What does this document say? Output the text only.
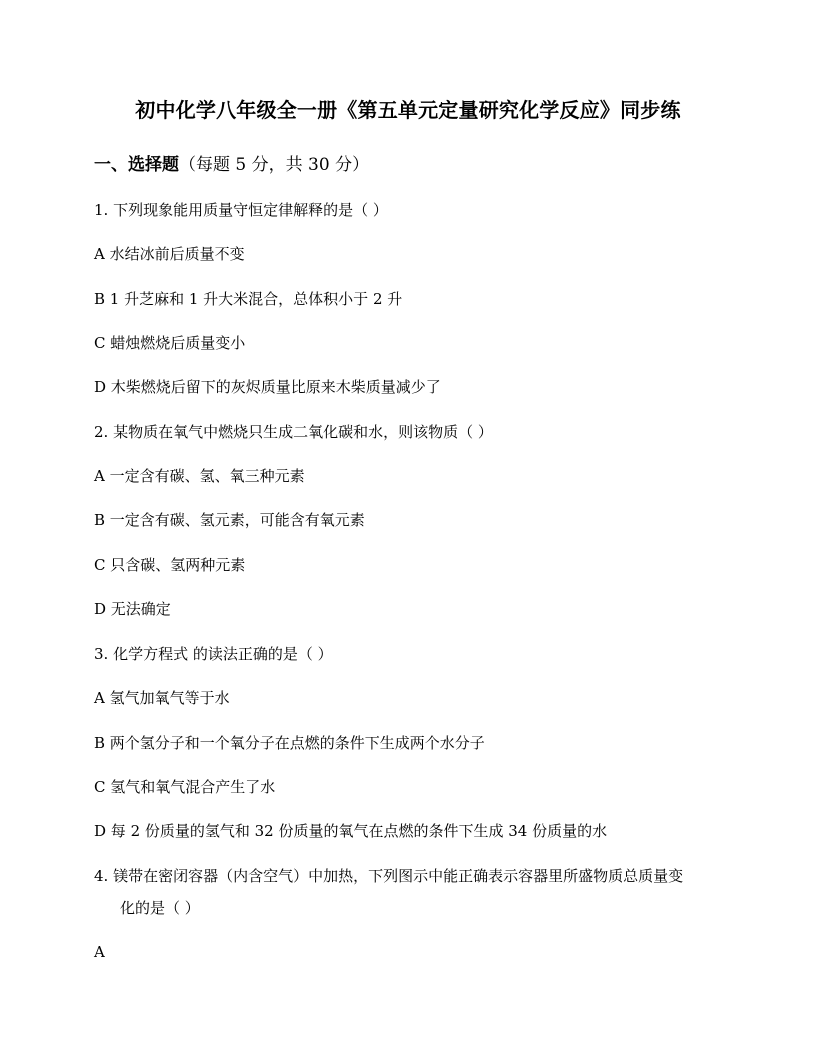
初中化学八年级全一册《第五单元定量研究化学反应》同步练
一、选择题（每题 5 分，共 30 分）
1. 下列现象能用质量守恒定律解释的是（ ）
A 水结冰前后质量不变
B 1 升芝麻和 1 升大米混合，总体积小于 2 升
C 蜡烛燃烧后质量变小
D 木柴燃烧后留下的灰烬质量比原来木柴质量减少了
2. 某物质在氧气中燃烧只生成二氧化碳和水，则该物质（ ）
A 一定含有碳、氢、氧三种元素
B 一定含有碳、氢元素，可能含有氧元素
C 只含碳、氢两种元素
D 无法确定
3. 化学方程式 的读法正确的是（ ）
A 氢气加氧气等于水
B 两个氢分子和一个氧分子在点燃的条件下生成两个水分子
C 氢气和氧气混合产生了水
D 每 2 份质量的氢气和 32 份质量的氧气在点燃的条件下生成 34 份质量的水
4. 镁带在密闭容器（内含空气）中加热，下列图示中能正确表示容器里所盛物质总质量变
化的是（ ）
A
